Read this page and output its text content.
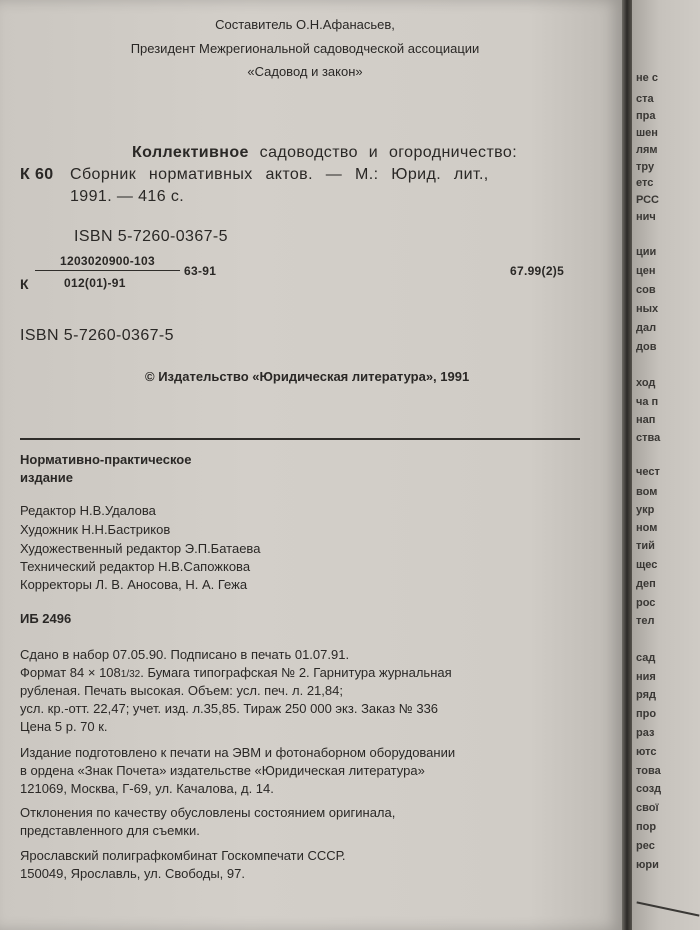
Составитель О.Н.Афанасьев,
Президент Межрегиональной садоводческой ассоциации
«Садовод и закон»
Коллективное садоводство и огородничество:
К 60 Сборник нормативных актов. — М.: Юрид. лит.,
1991. — 416 с.
ISBN 5-7260-0367-5
К
1203020900-103
012(01)-91
63-91	67.99(2)5
ISBN 5-7260-0367-5
© Издательство «Юридическая литература», 1991
Нормативно-практическое
издание
Редактор Н.В.Удалова
Художник Н.Н.Бастриков
Художественный редактор Э.П.Батаева
Технический редактор Н.В.Сапожкова
Корректоры Л. В. Аносова, Н. А. Гежа
ИБ 2496
Сдано в набор 07.05.90. Подписано в печать 01.07.91.
Формат 84 × 1081/32. Бумага типографская № 2. Гарнитура журнальная
рубленая. Печать высокая. Объем: усл. печ. л. 21,84;
усл. кр.-отт. 22,47; учет. изд. л.35,85. Тираж 250 000 экз. Заказ № 336
Цена 5 р. 70 к.
Издание подготовлено к печати на ЭВМ и фотонаборном оборудовании
в ордена «Знак Почета» издательстве «Юридическая литература»
121069, Москва, Г-69, ул. Качалова, д. 14.
Отклонения по качеству обусловлены состоянием оригинала,
представленного для съемки.
Ярославский полиграфкомбинат Госкомпечати СССР.
150049, Ярославль, ул. Свободы, 97.
не с
ста
пра
шен
лям
тру
етс
РСС
нич
ции
цен
сов
ных
дал
дов
ход
ча п
нап
ства
чест
вом
укр
ном
тий
щес
деп
рос
тел
сад
ния
ряд
про
раз
ютс
това
созд
свої
пор
рес
юри
